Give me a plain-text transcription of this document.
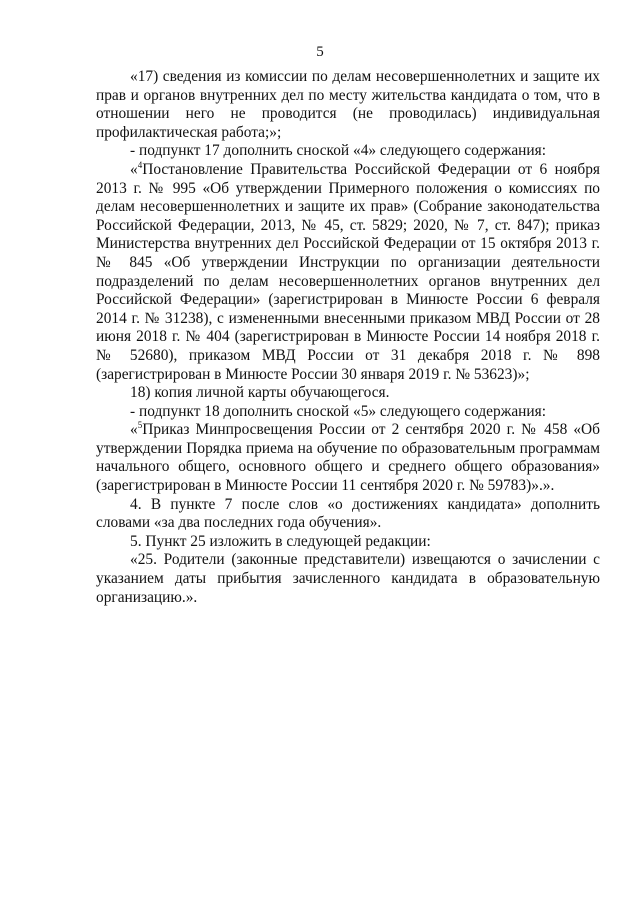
5

«17) сведения из комиссии по делам несовершеннолетних и защите их прав и органов внутренних дел по месту жительства кандидата о том, что в отношении него не проводится (не проводилась) индивидуальная профилактическая работа;»;

- подпункт 17 дополнить сноской «4» следующего содержания:

«$^4$Постановление Правительства Российской Федерации от 6 ноября 2013 г. № 995 «Об утверждении Примерного положения о комиссиях по делам несовершеннолетних и защите их прав» (Собрание законодательства Российской Федерации, 2013, № 45, ст. 5829; 2020, № 7, ст. 847); приказ Министерства внутренних дел Российской Федерации от 15 октября 2013 г. № 845 «Об утверждении Инструкции по организации деятельности подразделений по делам несовершеннолетних органов внутренних дел Российской Федерации» (зарегистрирован в Минюсте России 6 февраля 2014 г. № 31238), с измененными внесенными приказом МВД России от 28 июня 2018 г. № 404 (зарегистрирован в Минюсте России 14 ноября 2018 г. № 52680), приказом МВД России от 31 декабря 2018 г. № 898 (зарегистрирован в Минюсте России 30 января 2019 г. № 53623)»;

18) копия личной карты обучающегося.

- подпункт 18 дополнить сноской «5» следующего содержания:

«$^5$Приказ Минпросвещения России от 2 сентября 2020 г. № 458 «Об утверждении Порядка приема на обучение по образовательным программам начального общего, основного общего и среднего общего образования» (зарегистрирован в Минюсте России 11 сентября 2020 г. № 59783)».».

4. В пункте 7 после слов «о достижениях кандидата» дополнить словами «за два последних года обучения».

5. Пункт 25 изложить в следующей редакции:

«25. Родители (законные представители) извещаются о зачислении с указанием даты прибытия зачисленного кандидата в образовательную организацию.».
